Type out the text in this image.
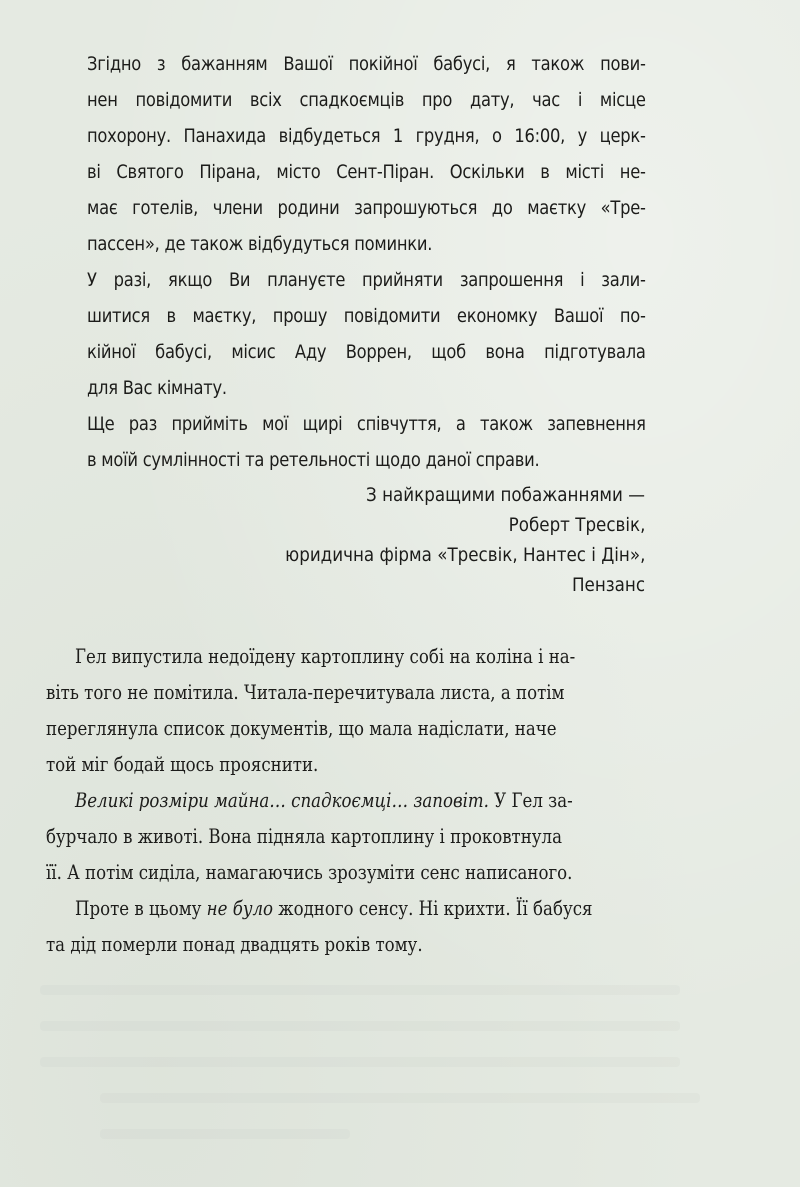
Згідно з бажанням Вашої покійної бабусі, я також пови-
нен повідомити всіх спадкоємців про дату, час і місце
похорону. Панахида відбудеться 1 грудня, о 16:00, у церк-
ві Святого Пірана, місто Сент-Піран. Оскільки в місті не-
має готелів, члени родини запрошуються до маєтку «Тре-
пассен», де також відбудуться поминки.

У разі, якщо Ви плануєте прийняти запрошення і зали-
шитися в маєтку, прошу повідомити економку Вашої по-
кійної бабусі, місис Аду Воррен, щоб вона підготувала
для Вас кімнату.

Ще раз прийміть мої щирі співчуття, а також запевнення
в моїй сумлінності та ретельності щодо даної справи.

З найкращими побажаннями —
Роберт Тресвік,
юридична фірма «Тресвік, Нантес і Дін»,
Пензанс
Гел випустила недоїдену картоплину собі на коліна і на-
віть того не помітила. Читала-перечитувала листа, а потім
переглянула список документів, що мала надіслати, наче
той міг бодай щось прояснити.
Великі розміри майна… спадкоємці… заповіт. У Гел за-
бурчало в животі. Вона підняла картоплину і проковтнула
її. А потім сиділа, намагаючись зрозуміти сенс написаного.
Проте в цьому не було жодного сенсу. Ні крихти. Її бабуся
та дід померли понад двадцять років тому.
